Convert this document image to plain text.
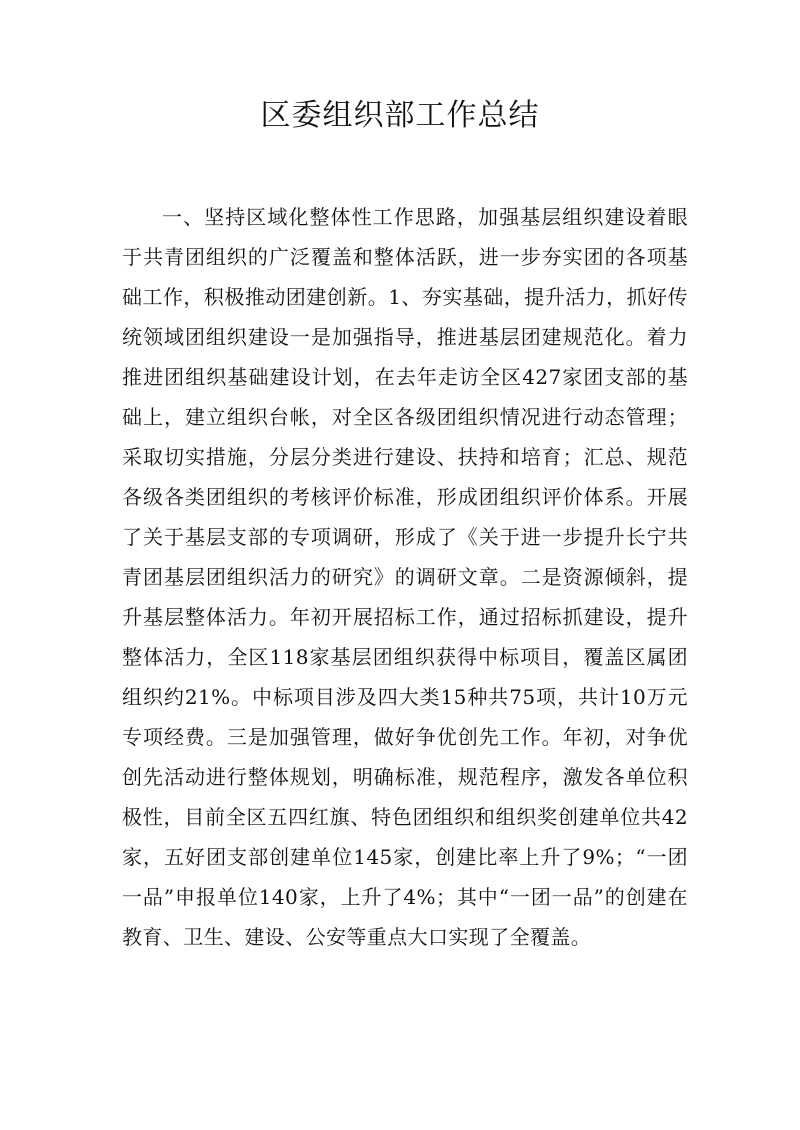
区委组织部工作总结

一、坚持区域化整体性工作思路，加强基层组织建设着眼于共青团组织的广泛覆盖和整体活跃，进一步夯实团的各项基础工作，积极推动团建创新。1、夯实基础，提升活力，抓好传统领域团组织建设一是加强指导，推进基层团建规范化。着力推进团组织基础建设计划，在去年走访全区427家团支部的基础上，建立组织台帐，对全区各级团组织情况进行动态管理；采取切实措施，分层分类进行建设、扶持和培育；汇总、规范各级各类团组织的考核评价标准，形成团组织评价体系。开展了关于基层支部的专项调研，形成了《关于进一步提升长宁共青团基层团组织活力的研究》的调研文章。二是资源倾斜，提升基层整体活力。年初开展招标工作，通过招标抓建设，提升整体活力，全区118家基层团组织获得中标项目，覆盖区属团组织约21%。中标项目涉及四大类15种共75项，共计10万元专项经费。三是加强管理，做好争优创先工作。年初，对争优创先活动进行整体规划，明确标准，规范程序，激发各单位积极性，目前全区五四红旗、特色团组织和组织奖创建单位共42家，五好团支部创建单位145家，创建比率上升了9%；“一团一品”申报单位140家，上升了4%；其中“一团一品”的创建在教育、卫生、建设、公安等重点大口实现了全覆盖。
